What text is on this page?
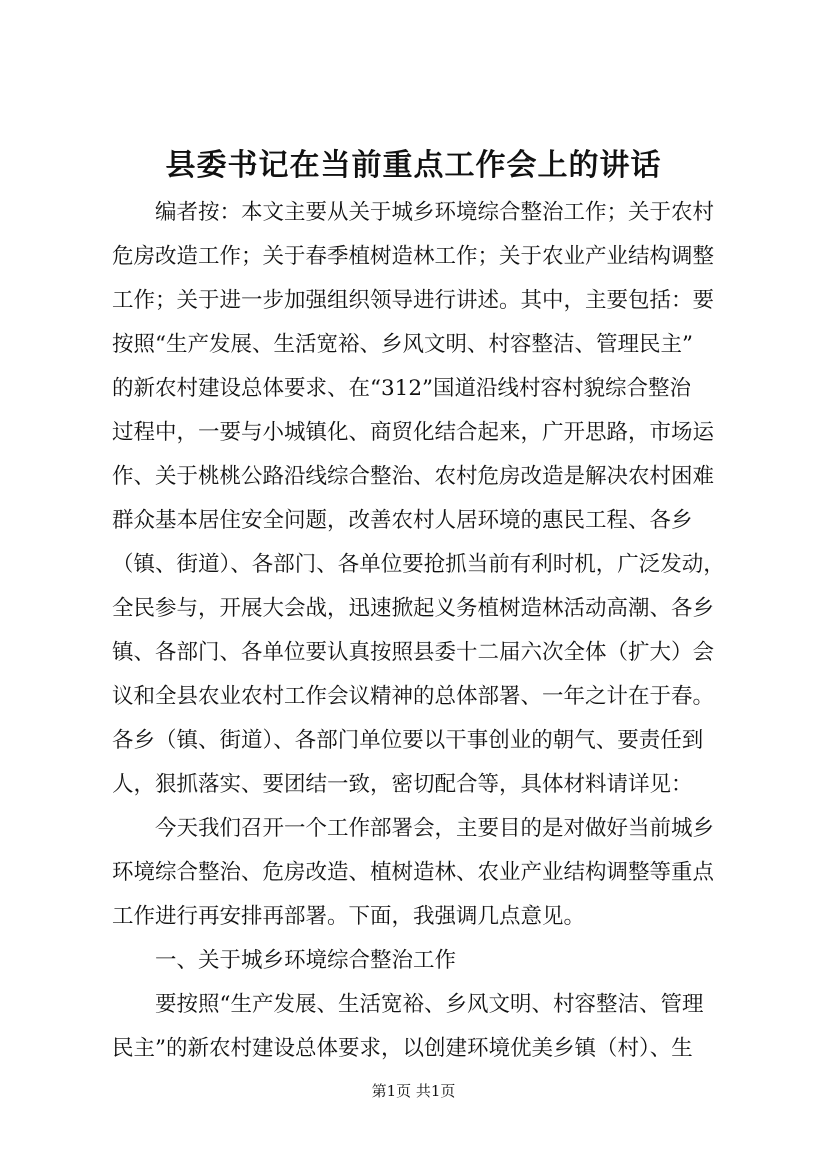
县委书记在当前重点工作会上的讲话
编者按：本文主要从关于城乡环境综合整治工作；关于农村
危房改造工作；关于春季植树造林工作；关于农业产业结构调整
工作；关于进一步加强组织领导进行讲述。其中，主要包括：要
按照“生产发展、生活宽裕、乡风文明、村容整洁、管理民主”
的新农村建设总体要求、在“312”国道沿线村容村貌综合整治
过程中，一要与小城镇化、商贸化结合起来，广开思路，市场运
作、关于桃桃公路沿线综合整治、农村危房改造是解决农村困难
群众基本居住安全问题，改善农村人居环境的惠民工程、各乡
（镇、街道）、各部门、各单位要抢抓当前有利时机，广泛发动，
全民参与，开展大会战，迅速掀起义务植树造林活动高潮、各乡
镇、各部门、各单位要认真按照县委十二届六次全体（扩大）会
议和全县农业农村工作会议精神的总体部署、一年之计在于春。
各乡（镇、街道）、各部门单位要以干事创业的朝气、要责任到
人，狠抓落实、要团结一致，密切配合等，具体材料请详见：
今天我们召开一个工作部署会，主要目的是对做好当前城乡
环境综合整治、危房改造、植树造林、农业产业结构调整等重点
工作进行再安排再部署。下面，我强调几点意见。
一、关于城乡环境综合整治工作
要按照“生产发展、生活宽裕、乡风文明、村容整洁、管理
民主”的新农村建设总体要求，以创建环境优美乡镇（村）、生
第1页 共1页
